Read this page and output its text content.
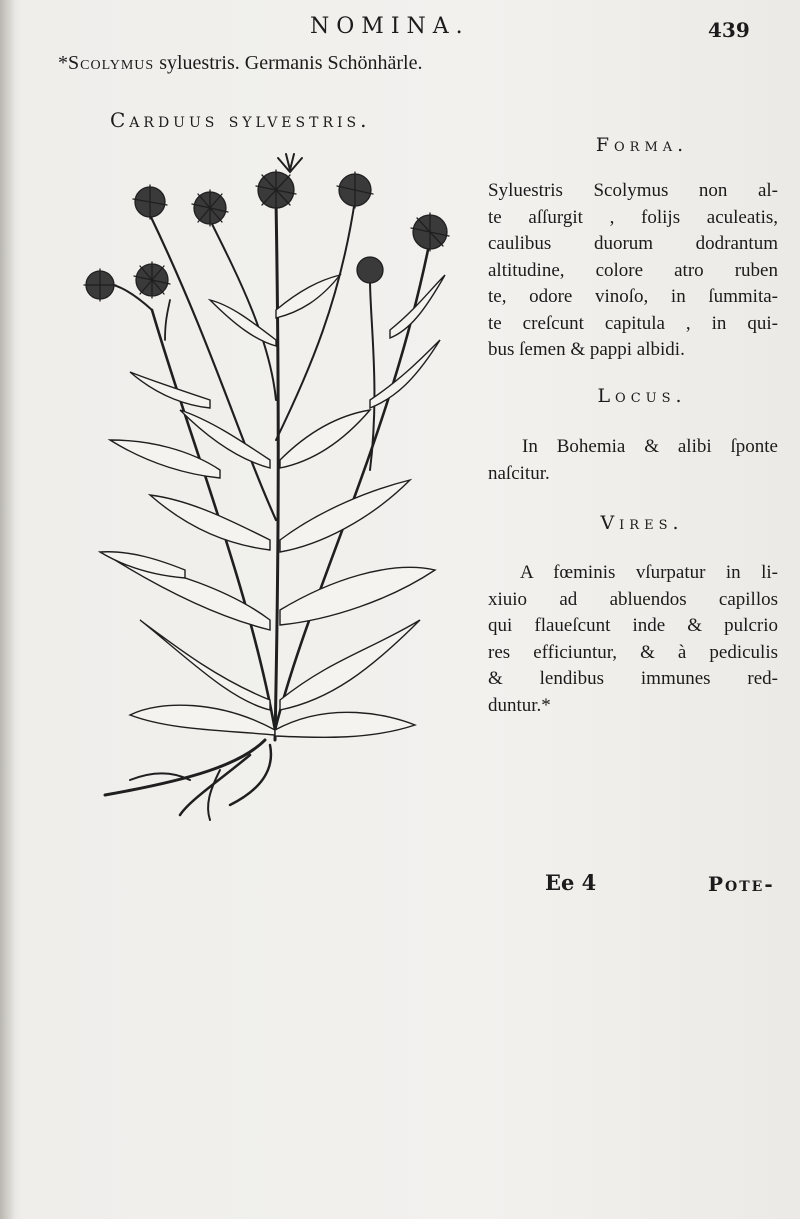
NOMINA.	439
*Scolymus syluestris. Germanis Schönhärle.
Carduus sylvestris.
Forma.
Syluestris Scolymus non al-
te aſſurgit , folijs aculeatis,
caulibus duorum dodrantum
altitudine, colore atro ruben
te, odore vinoſo, in ſummita-
te creſcunt capitula , in qui-
bus ſemen & pappi albidi.
Locus.
In Bohemia & alibi ſponte
naſcitur.
Vires.
A fœminis vſurpatur in li-
xiuio ad abluendos capillos
qui flaueſcunt inde & pulcrio
res efficiuntur, & à pediculis
& lendibus immunes red-
duntur.*
Ee 4	Pote-
